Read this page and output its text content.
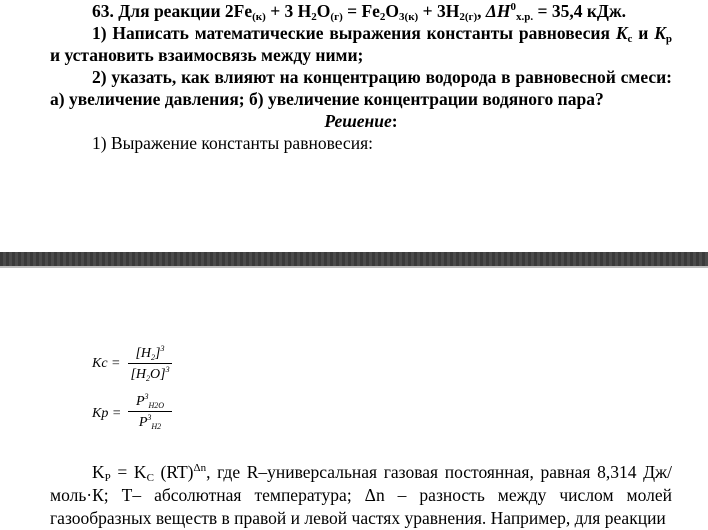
63. Для реакции $2Fe_{(к)} + 3$ $H_2O_{(г)} = Fe_2O_{3(к)} + 3H_{2(г)}$, $\Delta H^0_{х.р.} = 35,4$ кДж.

1) Написать математические выражения константы равновесия $K_c$ и $K_p$ и установить взаимосвязь между ними;

2) указать, как влияют на концентрацию водорода в равновесной смеси: а) увеличение давления; б) увеличение концентрации водяного пара?

Решение:

1) Выражение константы равновесия:

Kc =
$[H_2]^3$
$[H_2O]^3$
Kp =
$P^3_{H2O}$
$P^3_{H2}$

$K_P = K_C$ (RT)$^{\Delta n}$, где R–универсальная газовая постоянная, равная 8,314 Дж/ моль·К; T– абсолютная температура; Δn – разность между числом молей газообразных веществ в правой и левой частях уравнения. Например, для реакции
